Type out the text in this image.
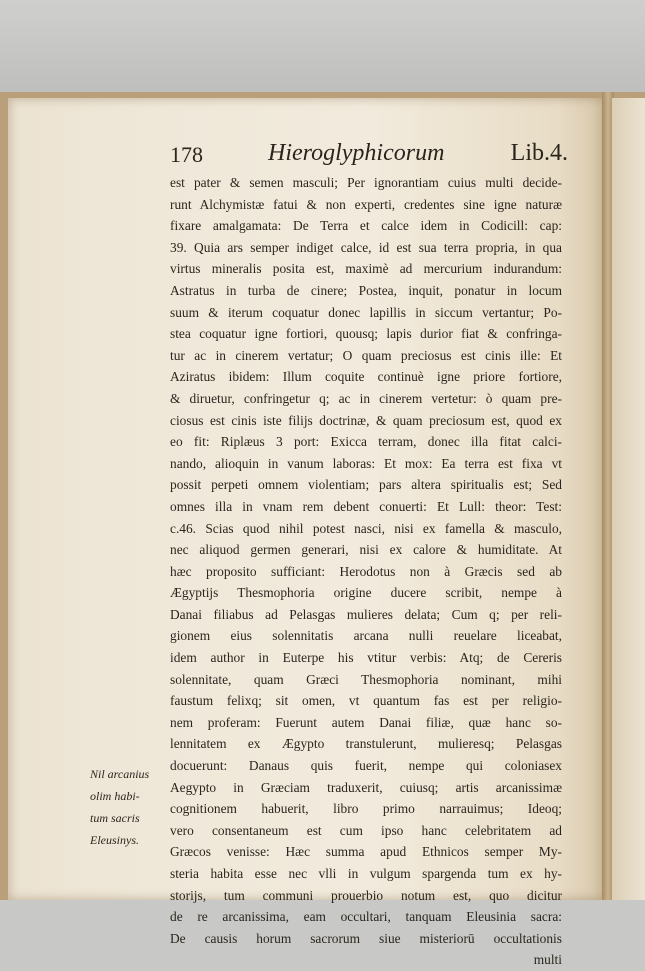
178	Hieroglyphicorum	Lib.4.
est pater & semen masculi; Per ignorantiam cuius multi decide-
runt Alchymistæ fatui & non experti, credentes sine igne naturæ
fixare amalgamata: De Terra et calce idem in Codicill: cap:
39. Quia ars semper indiget calce, id est sua terra propria, in qua
virtus mineralis posita est, maximè ad mercurium indurandum:
Astratus in turba de cinere; Postea, inquit, ponatur in locum
suum & iterum coquatur donec lapillis in siccum vertantur; Po-
stea coquatur igne fortiori, quousq; lapis durior fiat & confringa-
tur ac in cinerem vertatur; O quam preciosus est cinis ille: Et
Aziratus ibidem: Illum coquite continuè igne priore fortiore,
& diruetur, confringetur q; ac in cinerem vertetur: ò quam pre-
ciosus est cinis iste filijs doctrinæ, & quam preciosum est, quod ex
eo fit: Riplæus 3 port: Exicca terram, donec illa fitat calci-
nando, alioquin in vanum laboras: Et mox: Ea terra est fixa vt
possit perpeti omnem violentiam; pars altera spiritualis est; Sed
omnes illa in vnam rem debent conuerti: Et Lull: theor: Test:
c.46. Scias quod nihil potest nasci, nisi ex famella & masculo,
nec aliquod germen generari, nisi ex calore & humiditate. At
hæc proposito sufficiant: Herodotus non à Græcis sed ab
Ægyptijs Thesmophoria origine ducere scribit, nempe à
Danai filiabus ad Pelasgas mulieres delata; Cum q; per reli-
gionem eius solennitatis arcana nulli reuelare liceabat,
idem author in Euterpe his vtitur verbis: Atq; de Cereris
solennitate, quam Græci Thesmophoria nominant, mihi
faustum felixq; sit omen, vt quantum fas est per religio-
nem proferam: Fuerunt autem Danai filiæ, quæ hanc so-
lennitatem ex Ægypto transtulerunt, mulieresq; Pelasgas
docuerunt: Danaus quis fuerit, nempe qui coloniasex
Aegypto in Græciam traduxerit, cuiusq; artis arcanissimæ
cognitionem habuerit, libro primo narrauimus; Ideoq;
vero consentaneum est cum ipso hanc celebritatem ad
Græcos venisse: Hæc summa apud Ethnicos semper My-
steria habita esse nec vlli in vulgum spargenda tum ex hy-
storijs, tum communi prouerbio notum est, quo dicitur
de re arcanissima, eam occultari, tanquam Eleusinia sacra:
De causis horum sacrorum siue misteriorū occultationis
multi
Nil arcanius
olim habi-
tum sacris
Eleusinys.
